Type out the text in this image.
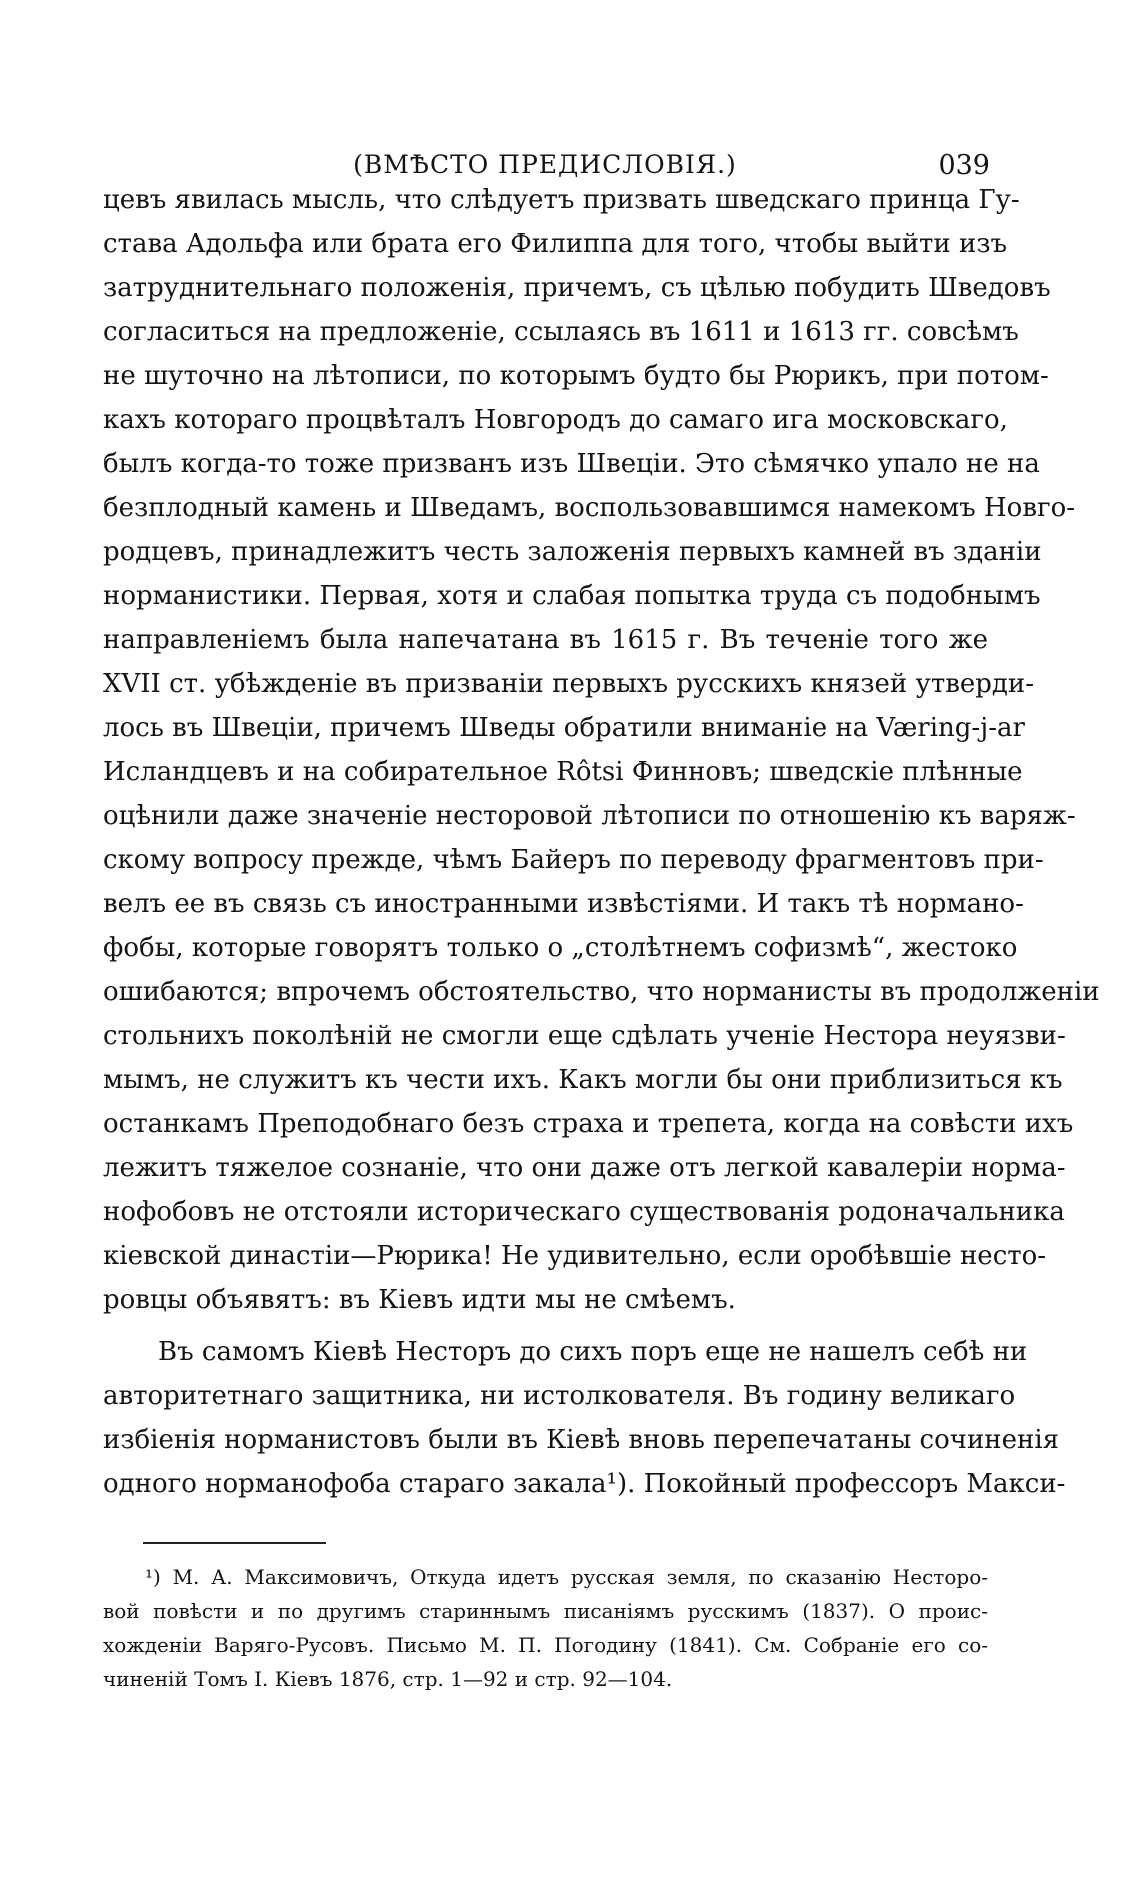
(ВМѢСТО ПРЕДИСЛОВІЯ.)	039
цевъ явилась мысль, что слѣдуетъ призвать шведскаго принца Гу-
става Адольфа или брата его Филиппа для того, чтобы выйти изъ
затруднительнаго положенія, причемъ, съ цѣлью побудить Шведовъ
согласиться на предложеніе, ссылаясь въ 1611 и 1613 гг. совсѣмъ
не шуточно на лѣтописи, по которымъ будто бы Рюрикъ, при потом-
кахъ котораго процвѣталъ Новгородъ до самаго ига московскаго,
былъ когда-то тоже призванъ изъ Швеціи. Это сѣмячко упало не на
безплодный камень и Шведамъ, воспользовавшимся намекомъ Новго-
родцевъ, принадлежитъ честь заложенія первыхъ камней въ зданіи
норманистики. Первая, хотя и слабая попытка труда съ подобнымъ
направленіемъ была напечатана въ 1615 г. Въ теченіе того же
XVII ст. убѣжденіе въ призваніи первыхъ русскихъ князей утверди-
лось въ Швеціи, причемъ Шведы обратили вниманіе на Væring-j-ar
Исландцевъ и на собирательное Rôtsi Финновъ; шведскіе плѣнные
оцѣнили даже значеніе несторовой лѣтописи по отношенію къ варяж-
скому вопросу прежде, чѣмъ Байеръ по переводу фрагментовъ при-
велъ ее въ связь съ иностранными извѣстіями. И такъ тѣ нормано-
фобы, которые говорятъ только о „столѣтнемъ софизмѣ“, жестоко
ошибаются; впрочемъ обстоятельство, что норманисты въ продолженіи
стольнихъ поколѣній не смогли еще сдѣлать ученіе Нестора неуязви-
мымъ, не служитъ къ чести ихъ. Какъ могли бы они приблизиться къ
останкамъ Преподобнаго безъ страха и трепета, когда на совѣсти ихъ
лежитъ тяжелое сознаніе, что они даже отъ легкой кавалеріи норма-
нофобовъ не отстояли историческаго существованія родоначальника
кіевской династіи—Рюрика! Не удивительно, если оробѣвшіе несто-
ровцы объявятъ: въ Кіевъ идти мы не смѣемъ.
Въ самомъ Кіевѣ Несторъ до сихъ поръ еще не нашелъ себѣ ни
авторитетнаго защитника, ни истолкователя. Въ годину великаго
избіенія норманистовъ были въ Кіевѣ вновь перепечатаны сочиненія
одного норманофоба стараго закала¹). Покойный профессоръ Макси-
¹) М. А. Максимовичъ, Откуда идетъ русская земля, по сказанію Несторо-
вой повѣсти и по другимъ стариннымъ писаніямъ русскимъ (1837). О проис-
хожденіи Варяго-Русовъ. Письмо М. П. Погодину (1841). См. Собраніе его со-
чиненій Томъ I. Кіевъ 1876, стр. 1—92 и стр. 92—104.
